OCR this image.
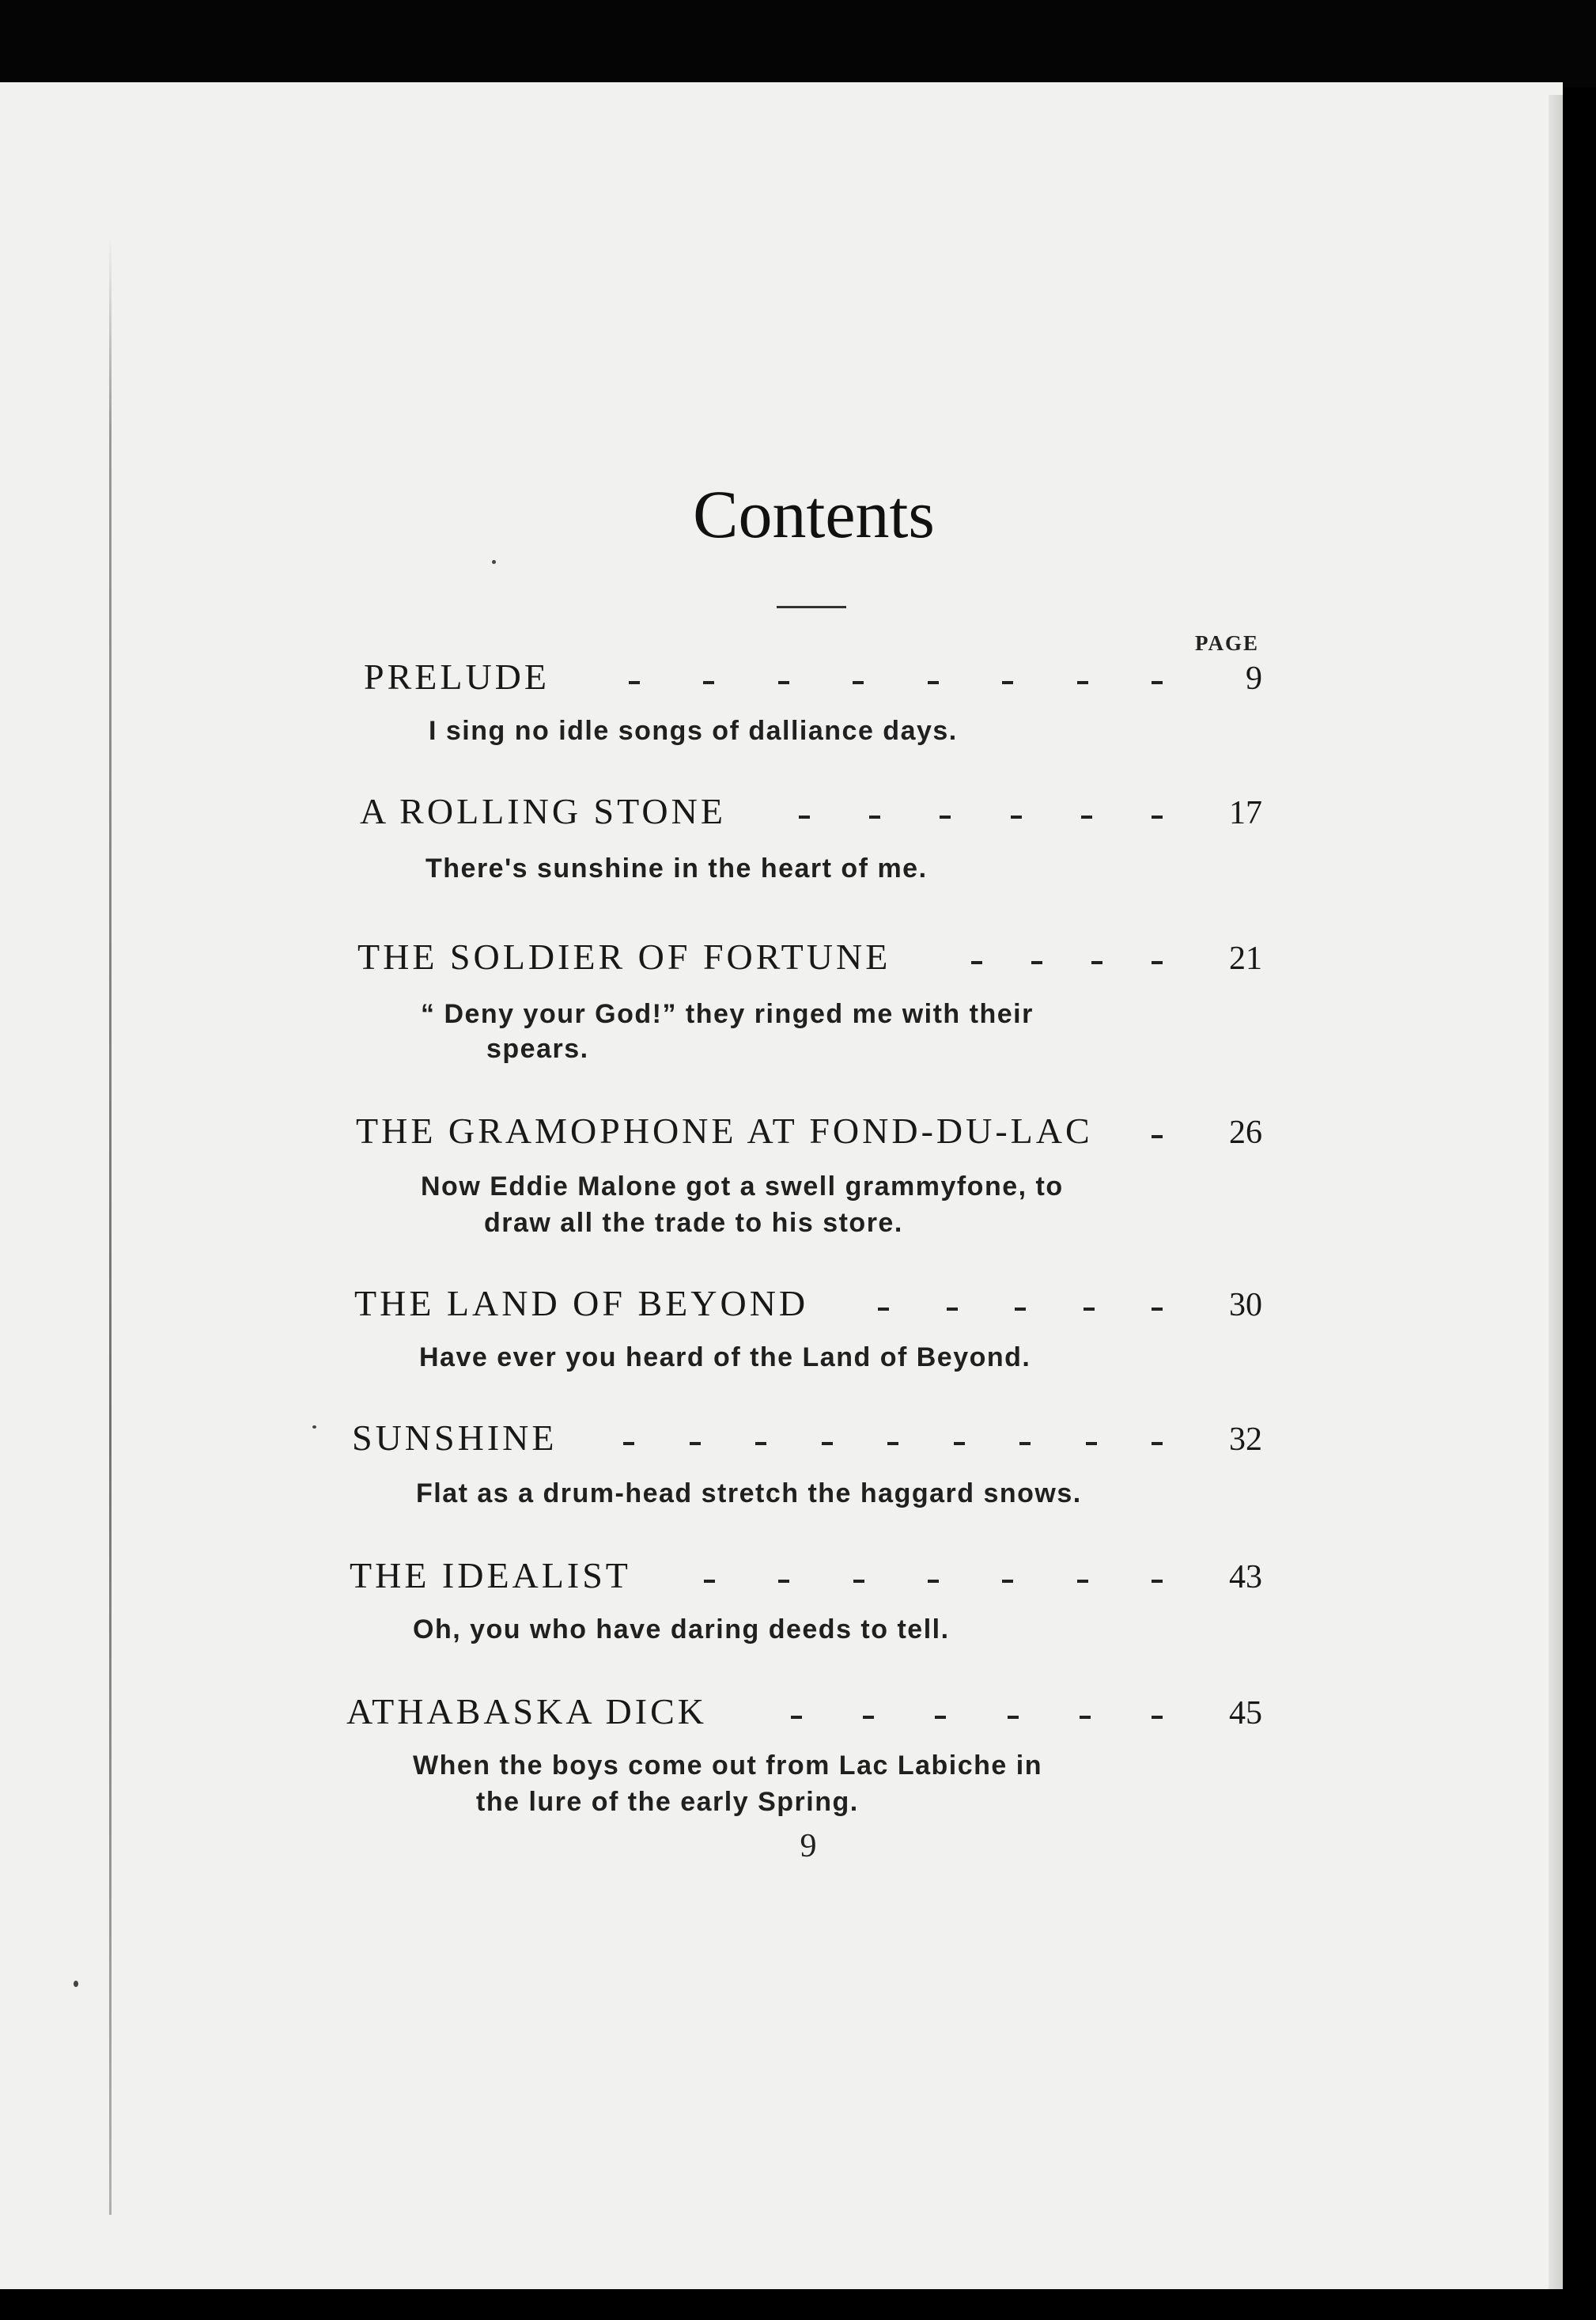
Contents
PAGE
PRELUDE	9
I sing no idle songs of dalliance days.
A ROLLING STONE	17
There's sunshine in the heart of me.
THE SOLDIER OF FORTUNE	21
“ Deny your God!” they ringed me with their
spears.
THE GRAMOPHONE AT FOND-DU-LAC	26
Now Eddie Malone got a swell grammyfone, to
draw all the trade to his store.
THE LAND OF BEYOND	30
Have ever you heard of the Land of Beyond.
SUNSHINE	32
Flat as a drum-head stretch the haggard snows.
THE IDEALIST	43
Oh, you who have daring deeds to tell.
ATHABASKA DICK	45
When the boys come out from Lac Labiche in
the lure of the early Spring.
9
